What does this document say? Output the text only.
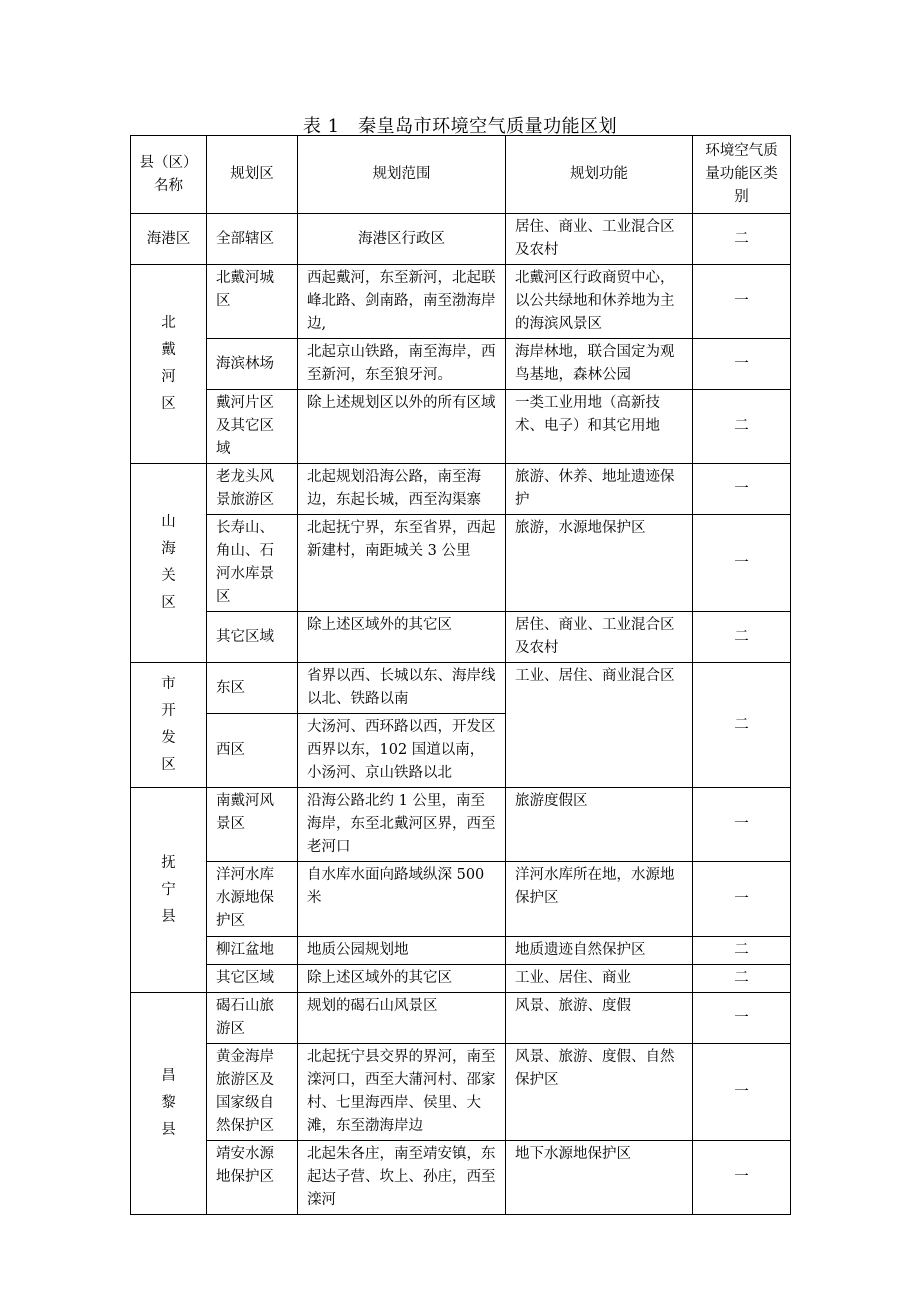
表 1　秦皇岛市环境空气质量功能区划
县（区）名称	规划区	规划范围	规划功能	环境空气质量功能区类别
海港区	全部辖区	海港区行政区	居住、商业、工业混合区及农村	二
北戴河区	北戴河城区	西起戴河，东至新河，北起联峰北路、剑南路，南至渤海岸边,	北戴河区行政商贸中心，以公共绿地和休养地为主的海滨风景区	一
	海滨林场	北起京山铁路，南至海岸，西至新河，东至狼牙河。	海岸林地，联合国定为观鸟基地，森林公园	一
	戴河片区及其它区域	除上述规划区以外的所有区域	一类工业用地（高新技术、电子）和其它用地	二
山海关区	老龙头风景旅游区	北起规划沿海公路，南至海边，东起长城，西至沟渠寨	旅游、休养、地址遗迹保护	一
	长寿山、角山、石河水库景区	北起抚宁界，东至省界，西起新建村，南距城关 3 公里	旅游，水源地保护区	一
	其它区域	除上述区域外的其它区	居住、商业、工业混合区及农村	二
市开发区	东区	省界以西、长城以东、海岸线以北、铁路以南	工业、居住、商业混合区	二
	西区	大汤河、西环路以西，开发区西界以东，102 国道以南，小汤河、京山铁路以北		
抚宁县	南戴河风景区	沿海公路北约 1 公里，南至海岸，东至北戴河区界，西至老河口	旅游度假区	一
	洋河水库水源地保护区	自水库水面向路域纵深 500 米	洋河水库所在地，水源地保护区	一
	柳江盆地	地质公园规划地	地质遗迹自然保护区	二
	其它区域	除上述区域外的其它区	工业、居住、商业	二
昌黎县	碣石山旅游区	规划的碣石山风景区	风景、旅游、度假	一
	黄金海岸旅游区及国家级自然保护区	北起抚宁县交界的界河，南至滦河口，西至大蒲河村、邵家村、七里海西岸、侯里、大滩，东至渤海岸边	风景、旅游、度假、自然保护区	一
	靖安水源地保护区	北起朱各庄，南至靖安镇，东起达子营、坎上、孙庄，西至滦河	地下水源地保护区	一
